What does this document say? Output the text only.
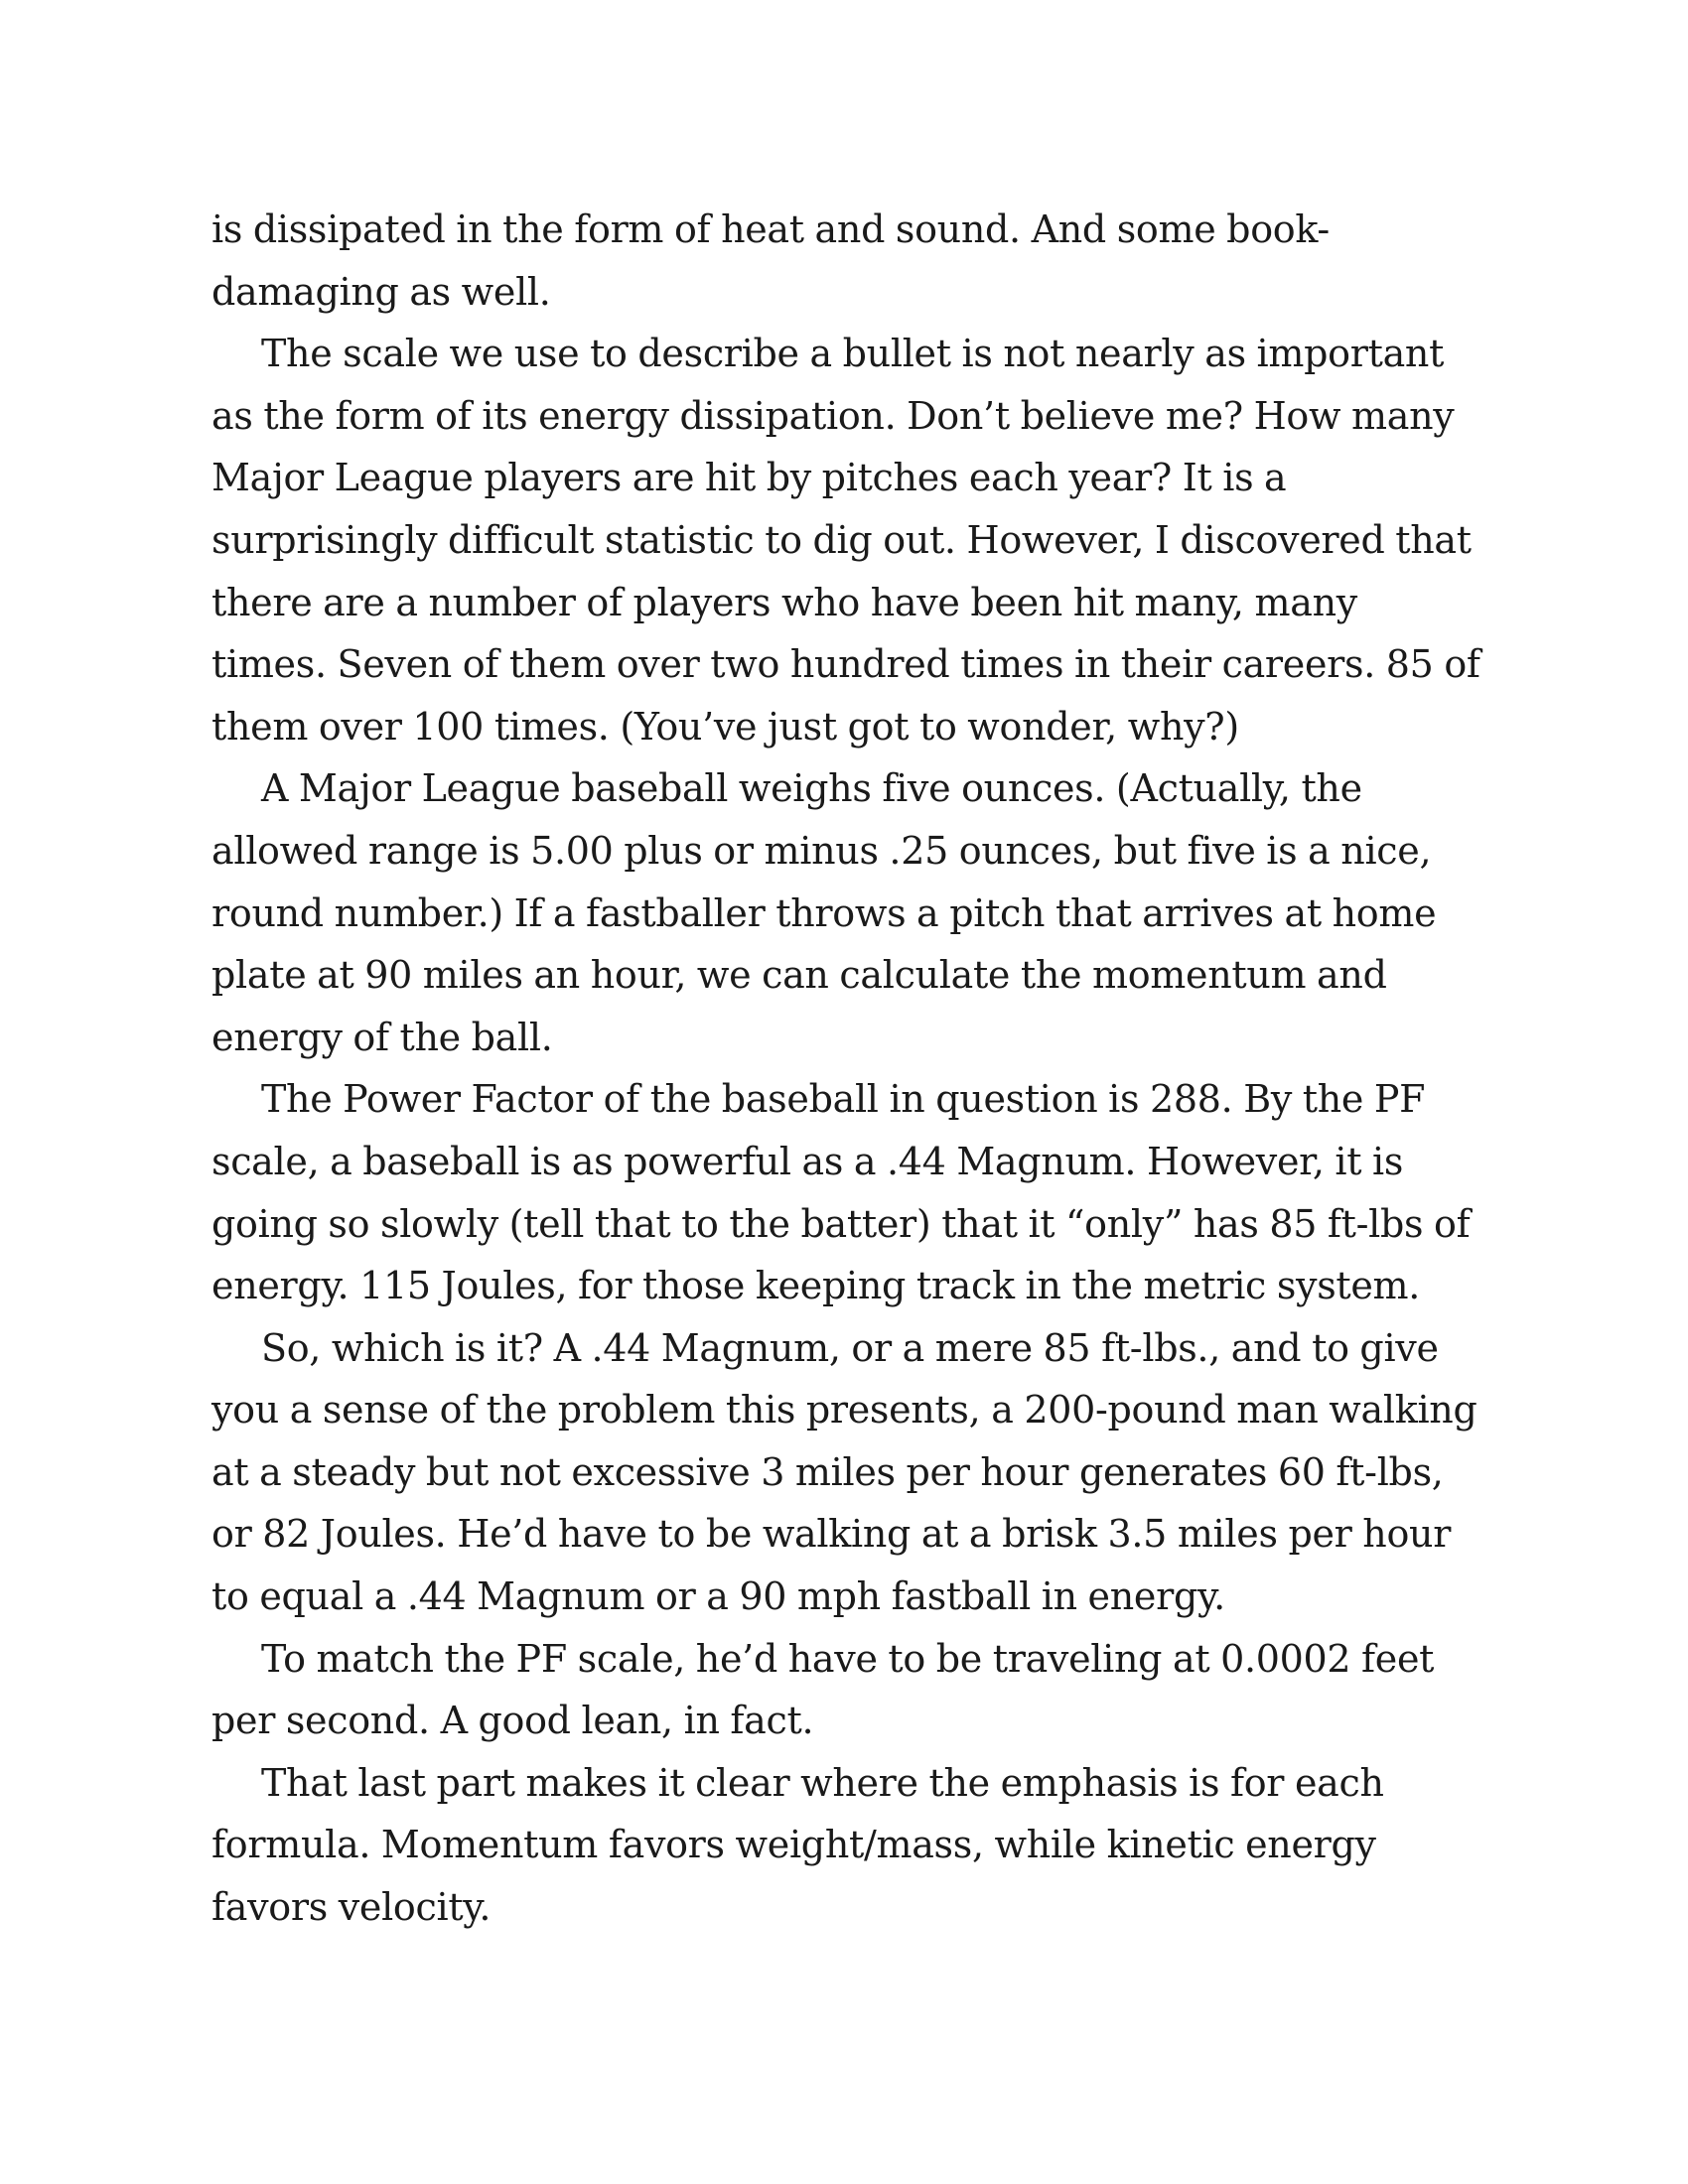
is dissipated in the form of heat and sound. And some book-damaging as well.

The scale we use to describe a bullet is not nearly as important as the form of its energy dissipation. Don’t believe me? How many Major League players are hit by pitches each year? It is a surprisingly difficult statistic to dig out. However, I discovered that there are a number of players who have been hit many, many times. Seven of them over two hundred times in their careers. 85 of them over 100 times. (You’ve just got to wonder, why?)

A Major League baseball weighs five ounces. (Actually, the allowed range is 5.00 plus or minus .25 ounces, but five is a nice, round number.) If a fastballer throws a pitch that arrives at home plate at 90 miles an hour, we can calculate the momentum and energy of the ball.

The Power Factor of the baseball in question is 288. By the PF scale, a baseball is as powerful as a .44 Magnum. However, it is going so slowly (tell that to the batter) that it “only” has 85 ft-lbs of energy. 115 Joules, for those keeping track in the metric system.

So, which is it? A .44 Magnum, or a mere 85 ft-lbs., and to give you a sense of the problem this presents, a 200-pound man walking at a steady but not excessive 3 miles per hour generates 60 ft-lbs, or 82 Joules. He’d have to be walking at a brisk 3.5 miles per hour to equal a .44 Magnum or a 90 mph fastball in energy.

To match the PF scale, he’d have to be traveling at 0.0002 feet per second. A good lean, in fact.

That last part makes it clear where the emphasis is for each formula. Momentum favors weight/mass, while kinetic energy favors velocity.
